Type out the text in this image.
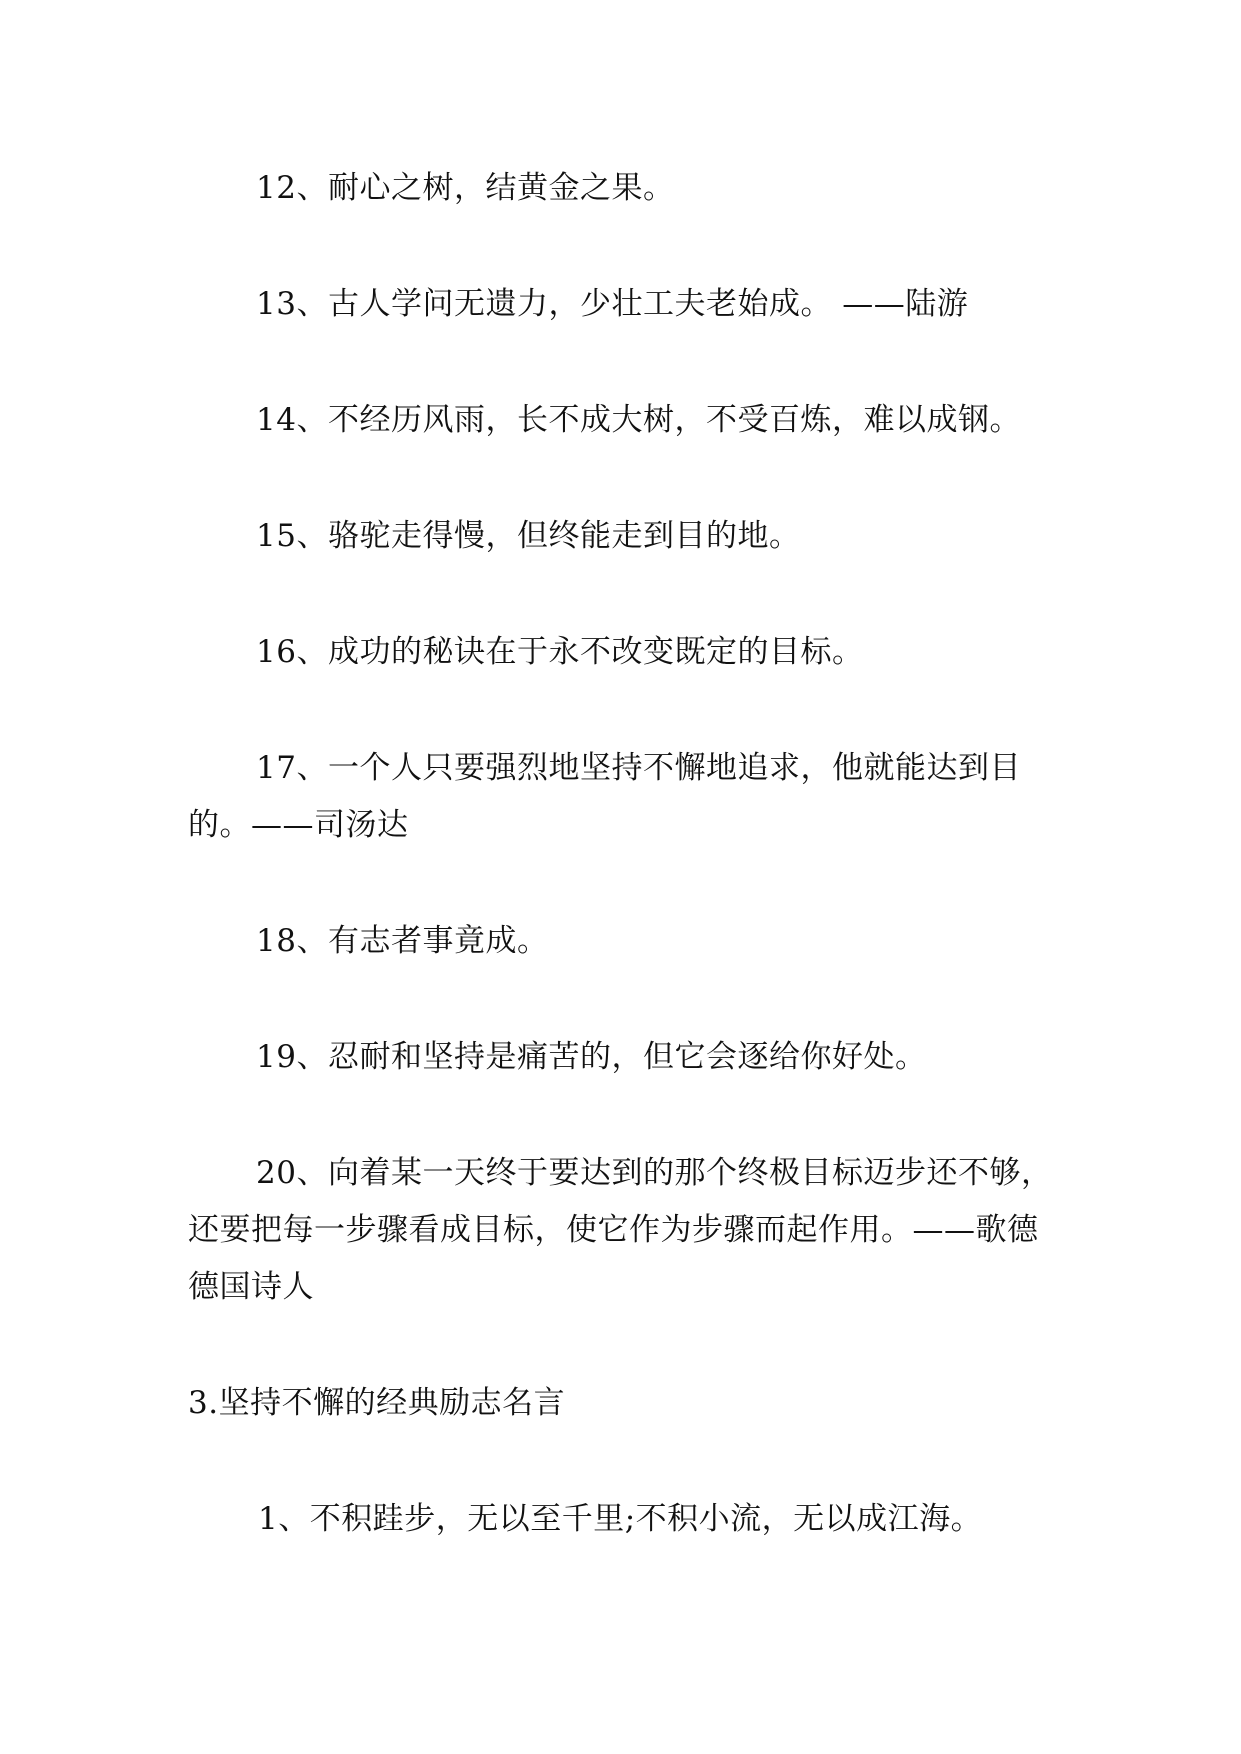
12、耐心之树，结黄金之果。

13、古人学问无遗力，少壮工夫老始成。 ——陆游

14、不经历风雨，长不成大树，不受百炼，难以成钢。

15、骆驼走得慢，但终能走到目的地。

16、成功的秘诀在于永不改变既定的目标。

17、一个人只要强烈地坚持不懈地追求，他就能达到目的。——司汤达

18、有志者事竟成。

19、忍耐和坚持是痛苦的，但它会逐给你好处。

20、向着某一天终于要达到的那个终极目标迈步还不够，还要把每一步骤看成目标，使它作为步骤而起作用。——歌德德国诗人

3.坚持不懈的经典励志名言

1、不积跬步，无以至千里;不积小流，无以成江海。
